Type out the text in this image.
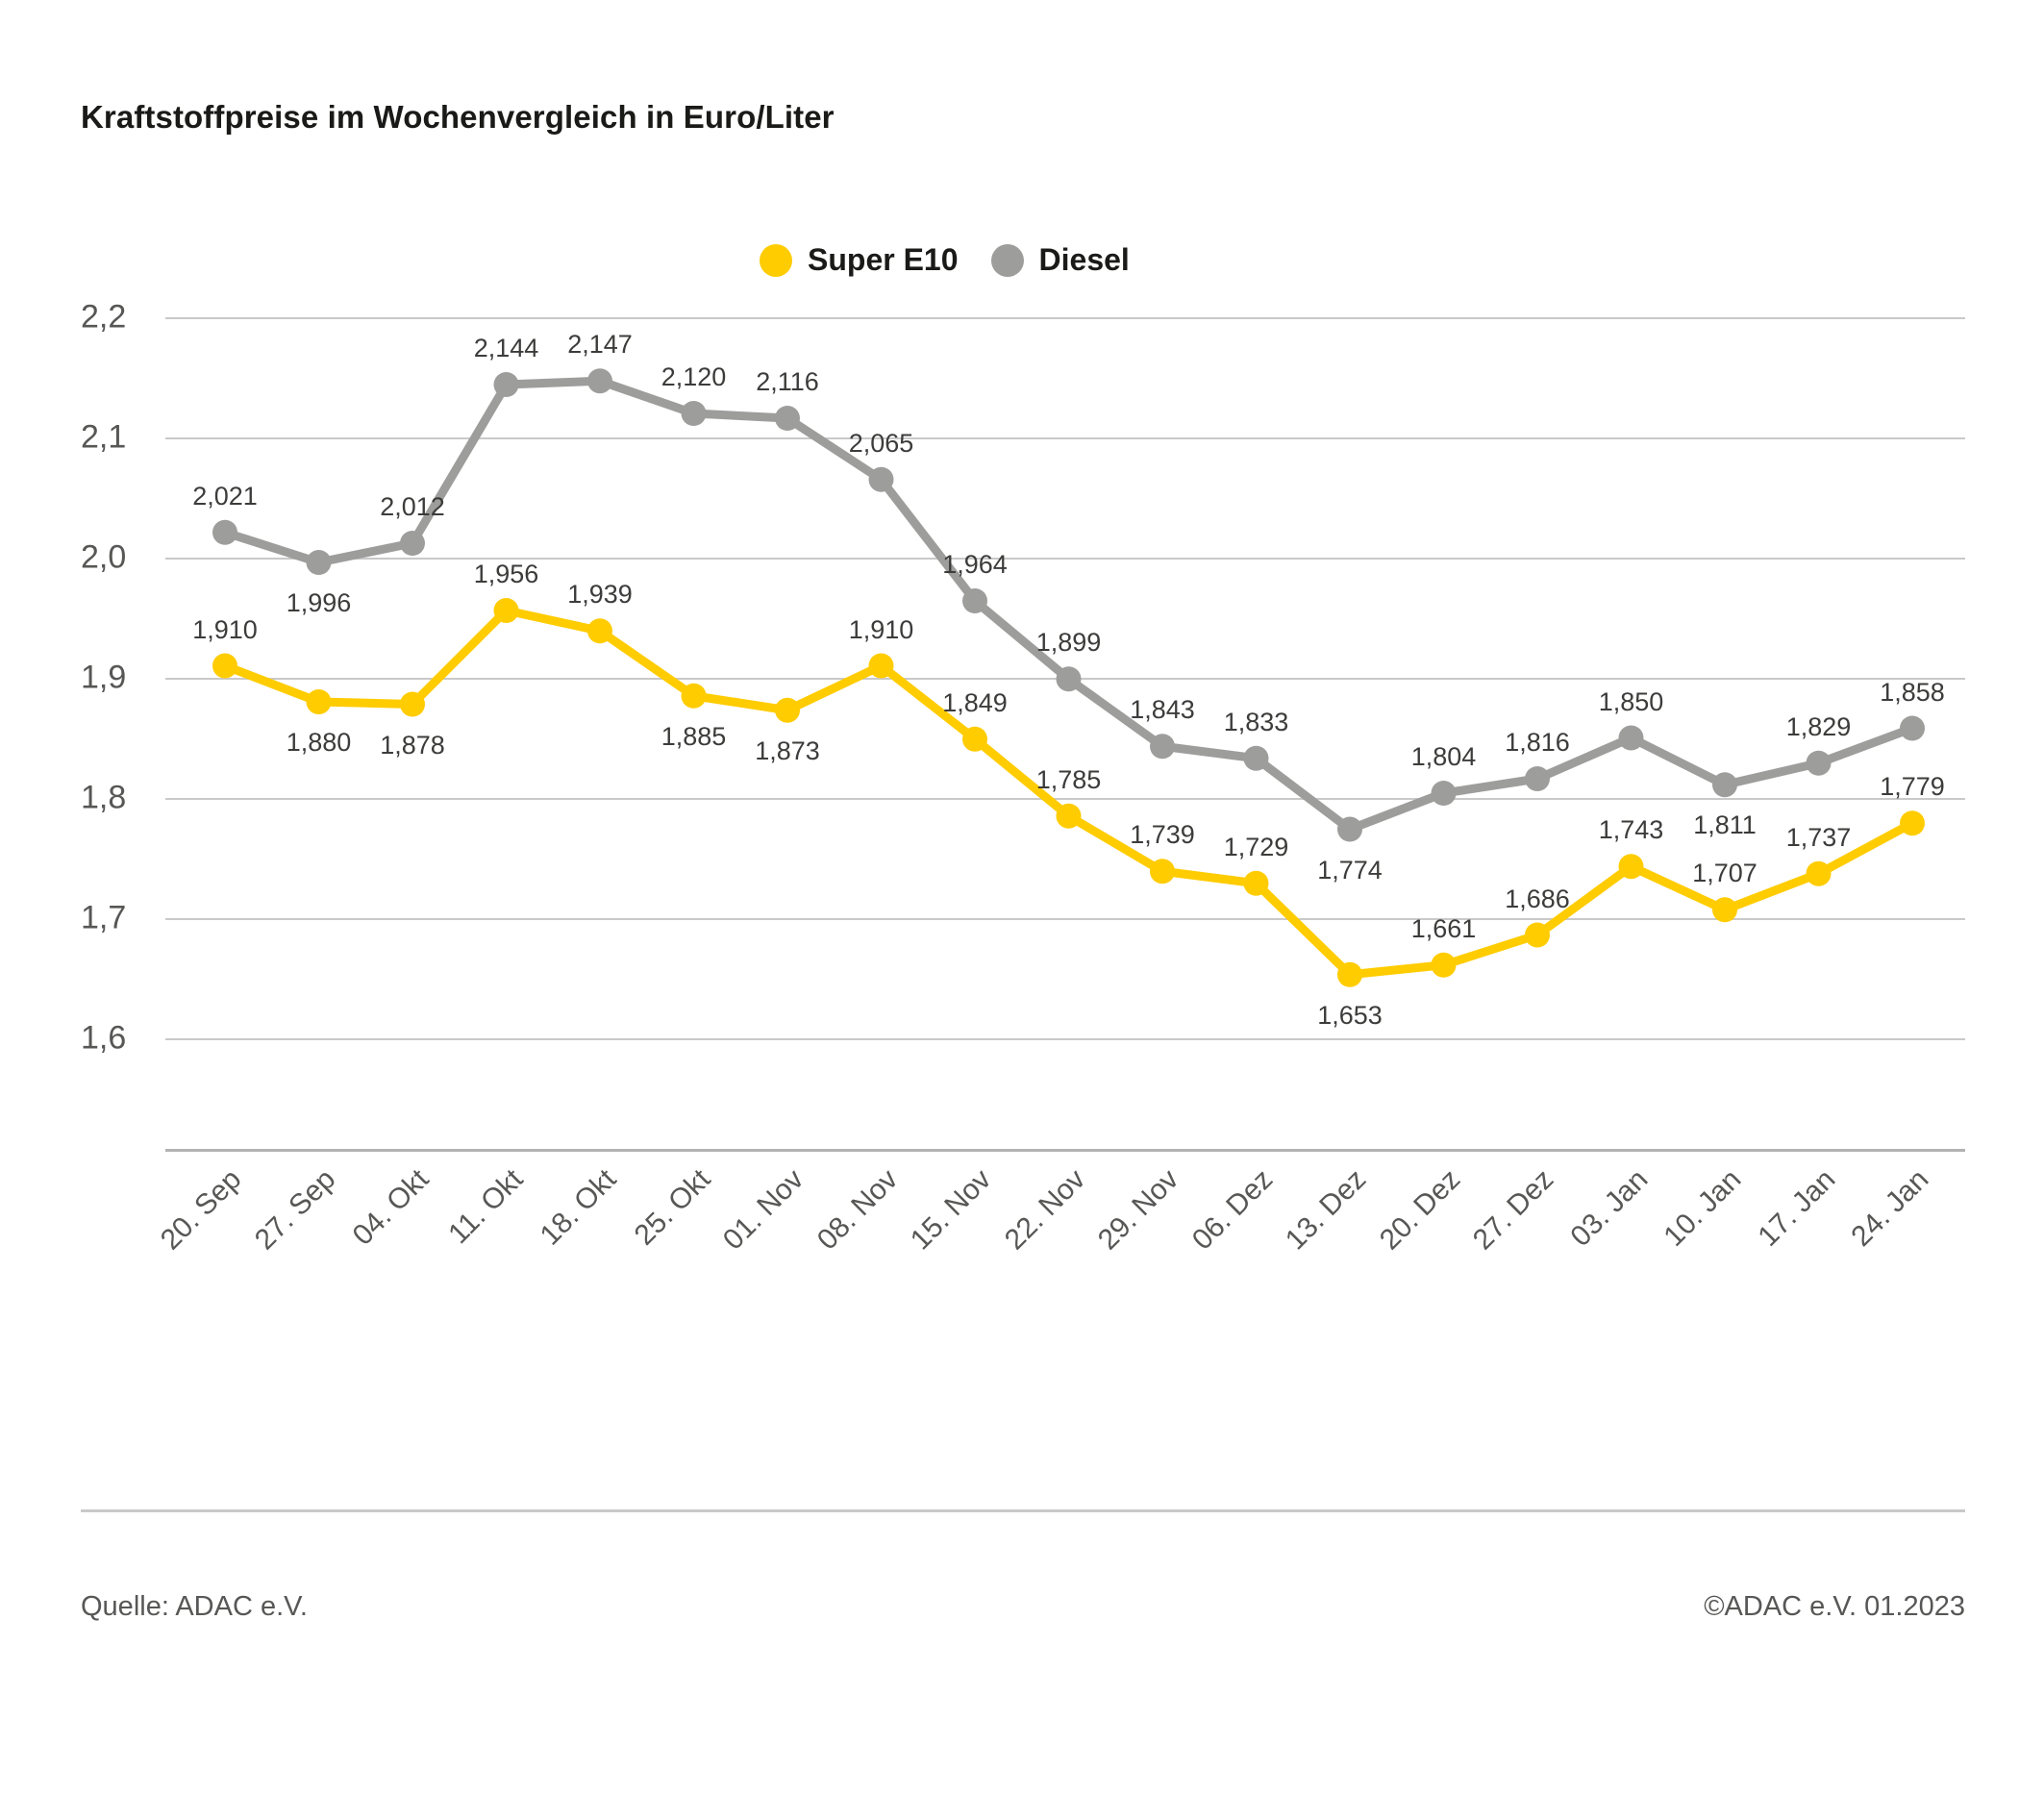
Kraftstoffpreise im Wochenvergleich in Euro/Liter
Super E10	Diesel
2,2
2,1
2,0
1,9
1,8
1,7
1,6
1,910
1,880 1,878
1,956
1,939
1,885 1,873
1,910
1,849
1,785
1,739 1,729
1,653
1,661
1,686
1,743
1,707
1,737
1,779
2,021
1,996
2,012
2,144 2,147
2,120 2,116
2,065
1,964
1,899
1,843 1,833
1,774
1,804 1,816
1,850
1,811
1,829
1,858
20. Sep 27. Sep 04. Okt 11. Okt 18. Okt 25. Okt 01. Nov 08. Nov 15. Nov 22. Nov 29. Nov 06. Dez 13. Dez 20. Dez 27. Dez 03. Jan 10. Jan 17. Jan 24. Jan
Quelle: ADAC e.V.	©ADAC e.V. 01.2023
